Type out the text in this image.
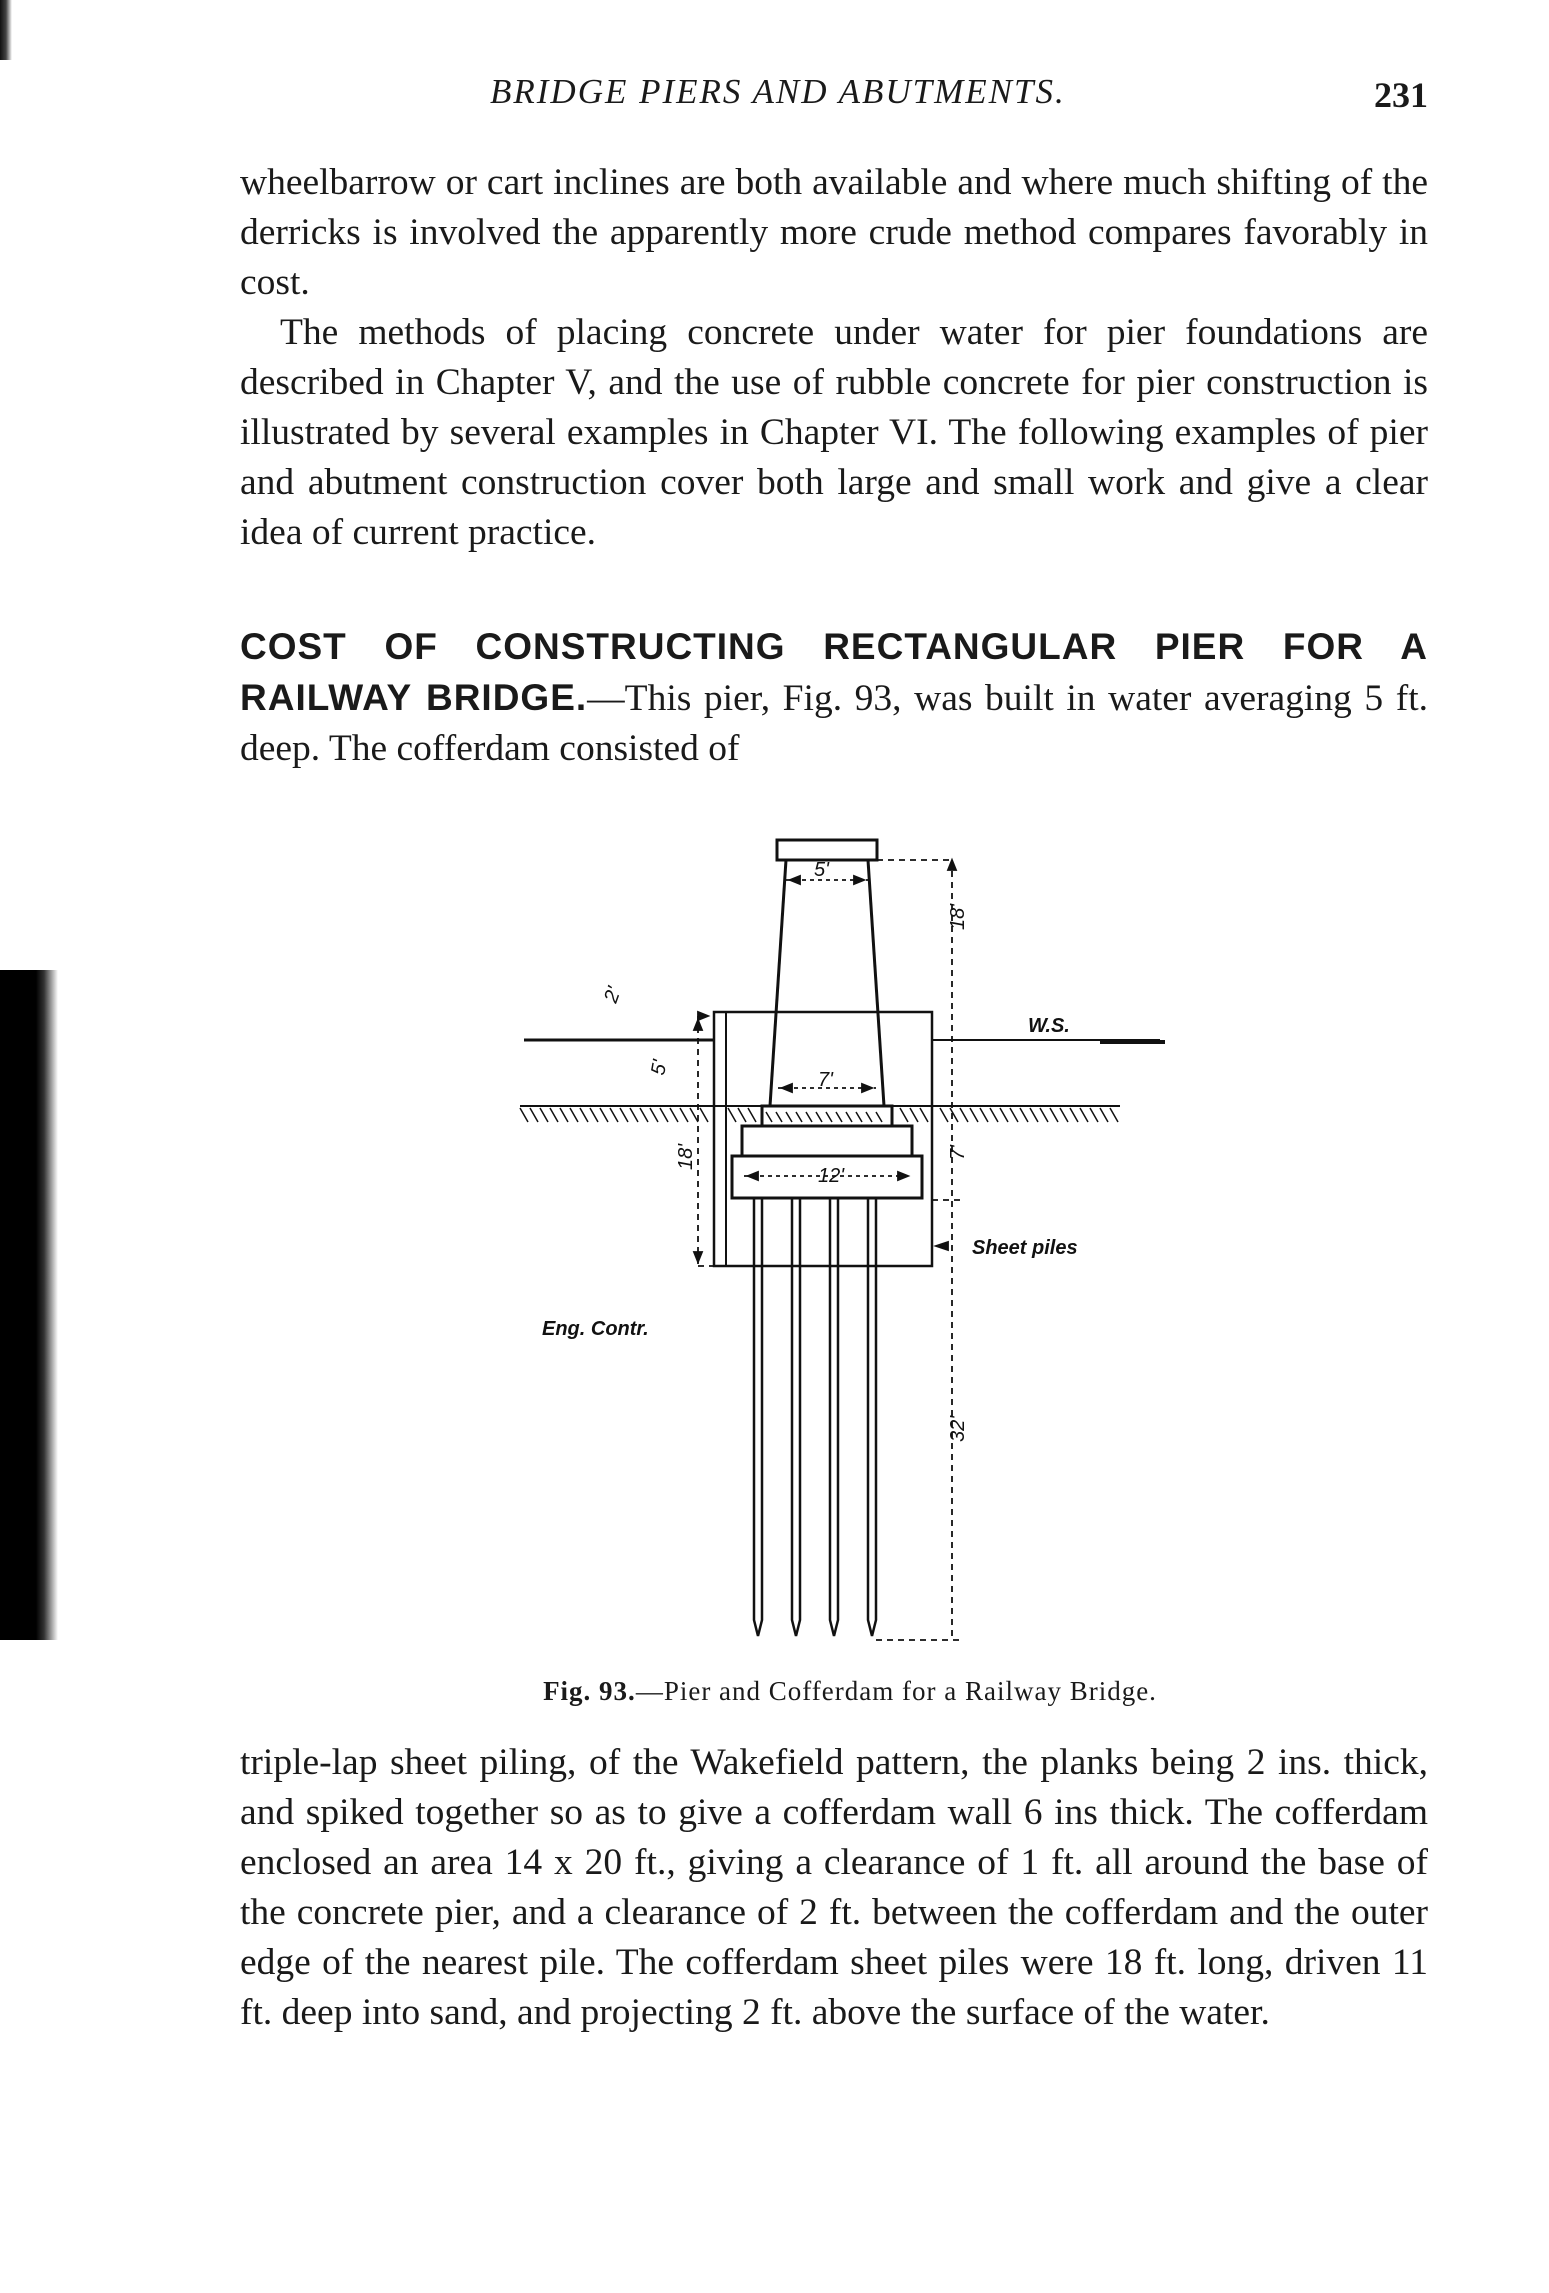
BRIDGE PIERS AND ABUTMENTS.	231

wheelbarrow or cart inclines are both available and where much shifting of the derricks is involved the apparently more crude method compares favorably in cost.

The methods of placing concrete under water for pier foundations are described in Chapter V, and the use of rubble concrete for pier construction is illustrated by several examples in Chapter VI. The following examples of pier and abutment construction cover both large and small work and give a clear idea of current practice.

COST OF CONSTRUCTING RECTANGULAR PIER FOR A RAILWAY BRIDGE.—This pier, Fig. 93, was built in water averaging 5 ft. deep. The cofferdam consisted of

5'
18'
2'
W.S.
5'
7'
7'
18'
12'
Sheet piles
Eng. Contr.
32'
Fig. 93.—Pier and Cofferdam for a Railway Bridge.

triple-lap sheet piling, of the Wakefield pattern, the planks being 2 ins. thick, and spiked together so as to give a cofferdam wall 6 ins thick. The cofferdam enclosed an area 14 x 20 ft., giving a clearance of 1 ft. all around the base of the concrete pier, and a clearance of 2 ft. between the cofferdam and the outer edge of the nearest pile. The cofferdam sheet piles were 18 ft. long, driven 11 ft. deep into sand, and projecting 2 ft. above the surface of the water.
